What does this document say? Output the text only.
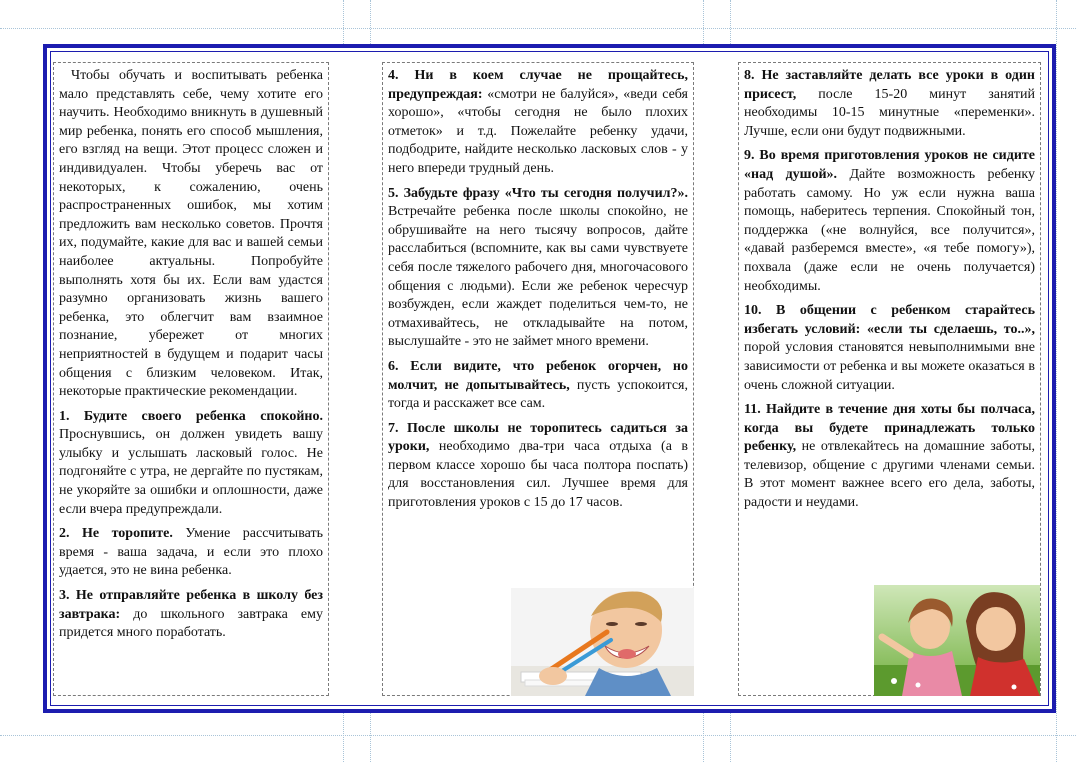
Чтобы обучать и воспитывать ребенка мало представлять себе, чему хотите его научить. Необходимо вникнуть в душевный мир ребенка, понять его способ мышления, его взгляд на вещи. Этот процесс сложен и индивидуален. Чтобы уберечь вас от некоторых, к сожалению, очень распространенных ошибок, мы хотим предложить вам несколько советов. Прочтя их, подумайте, какие для вас и вашей семьи наиболее актуальны. Попробуйте выполнять хотя бы их. Если вам удастся разумно организовать жизнь вашего ребенка, это облегчит вам взаимное познание, убережет от многих неприятностей в будущем и подарит часы общения с близким человеком. Итак, некоторые практические рекомендации.

1. Будите своего ребенка спокойно. Проснувшись, он должен увидеть вашу улыбку и услышать ласковый голос. Не подгоняйте с утра, не дергайте по пустякам, не укоряйте за ошибки и оплошности, даже если вчера предупреждали.

2. Не торопите. Умение рассчитывать время - ваша задача, и если это плохо удается, это не вина ребенка.

3. Не отправляйте ребенка в школу без завтрака: до школьного завтрака ему придется много поработать.

4. Ни в коем случае не прощайтесь, предупреждая: «смотри не балуйся», «веди себя хорошо», «чтобы сегодня не было плохих отметок» и т.д. Пожелайте ребенку удачи, подбодрите, найдите несколько ласковых слов - у него впереди трудный день.

5. Забудьте фразу «Что ты сегодня получил?». Встречайте ребенка после школы спокойно, не обрушивайте на него тысячу вопросов, дайте расслабиться (вспомните, как вы сами чувствуете себя после тяжелого рабочего дня, многочасового общения с людьми). Если же ребенок чересчур возбужден, если жаждет поделиться чем-то, не отмахивайтесь, не откладывайте на потом, выслушайте - это не займет много времени.

6. Если видите, что ребенок огорчен, но молчит, не допытывайтесь, пусть успокоится, тогда и расскажет все сам.

7. После школы не торопитесь садиться за уроки, необходимо два-три часа отдыха (а в первом классе хорошо бы часа полтора поспать) для восстановления сил. Лучшее время для приготовления уроков с 15 до 17 часов.

8. Не заставляйте делать все уроки в один присест, после 15-20 минут занятий необходимы 10-15 минутные «переменки». Лучше, если они будут подвижными.

9. Во время приготовления уроков не сидите «над душой». Дайте возможность ребенку работать самому. Но уж если нужна ваша помощь, наберитесь терпения. Спокойный тон, поддержка («не волнуйся, все получится», «давай разберемся вместе», «я тебе помогу»), похвала (даже если не очень получается) необходимы.

10. В общении с ребенком старайтесь избегать условий: «если ты сделаешь, то..», порой условия становятся невыполнимыми вне зависимости от ребенка и вы можете оказаться в очень сложной ситуации.

11. Найдите в течение дня хоты бы полчаса, когда вы будете принадлежать только ребенку, не отвлекайтесь на домашние заботы, телевизор, общение с другими членами семьи. В этот момент важнее всего его дела, заботы, радости и неудами.
